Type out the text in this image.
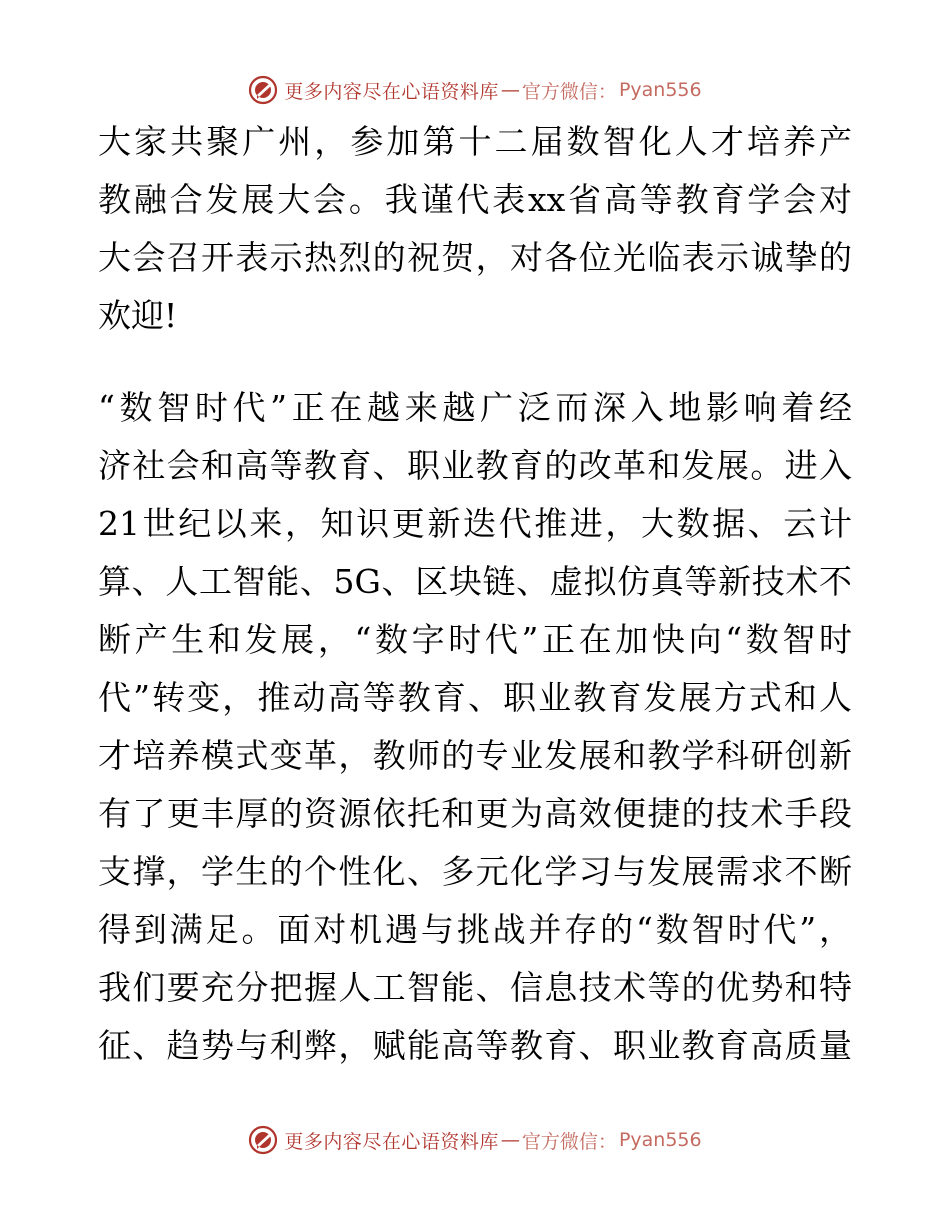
更多内容尽在心语资料库 — 官方微信： Pyan556
大家共聚广州，参加第十二届数智化人才培养产
教融合发展大会。我谨代表xx省高等教育学会对
大会召开表示热烈的祝贺，对各位光临表示诚挚的
欢迎!
“数智时代”正在越来越广泛而深入地影响着经
济社会和高等教育、职业教育的改革和发展。进入
21世纪以来，知识更新迭代推进，大数据、云计
算、人工智能、5G、区块链、虚拟仿真等新技术不
断产生和发展，“数字时代”正在加快向“数智时
代”转变，推动高等教育、职业教育发展方式和人
才培养模式变革，教师的专业发展和教学科研创新
有了更丰厚的资源依托和更为高效便捷的技术手段
支撑，学生的个性化、多元化学习与发展需求不断
得到满足。面对机遇与挑战并存的“数智时代”，
我们要充分把握人工智能、信息技术等的优势和特
征、趋势与利弊，赋能高等教育、职业教育高质量
更多内容尽在心语资料库 — 官方微信： Pyan556
